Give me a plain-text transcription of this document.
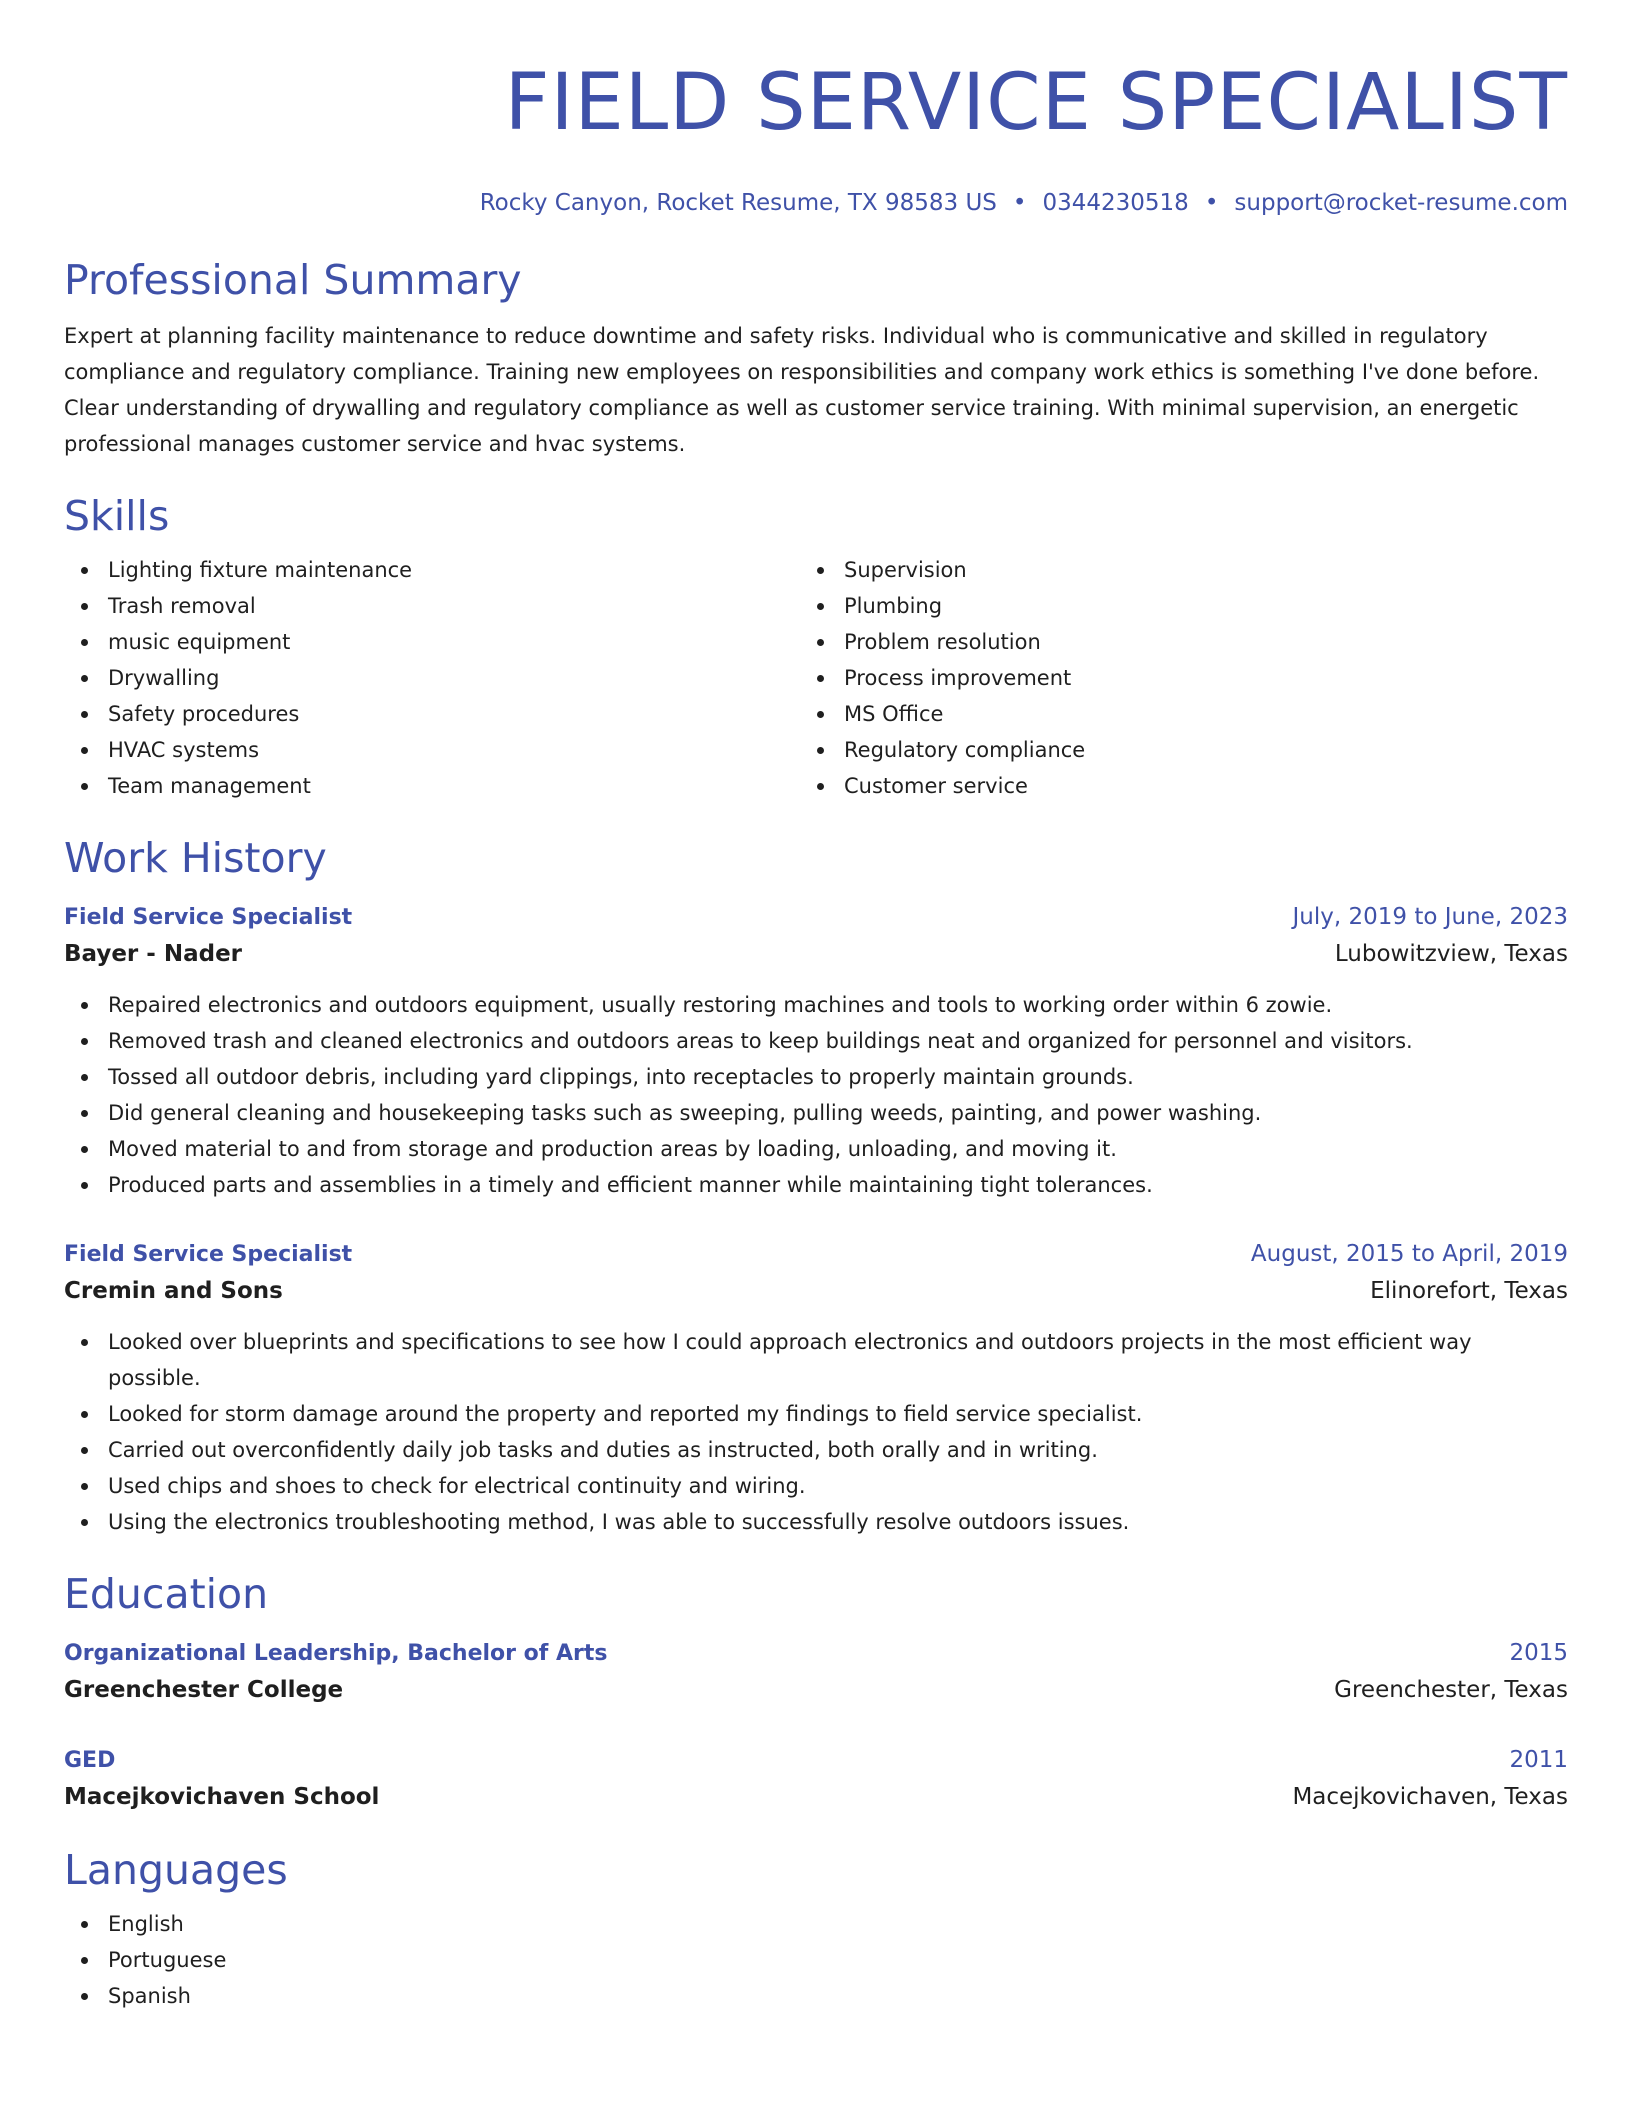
FIELD SERVICE SPECIALIST
Rocky Canyon, Rocket Resume, TX 98583 US • 0344230518 • support@rocket-resume.com
Professional Summary
Expert at planning facility maintenance to reduce downtime and safety risks. Individual who is communicative and skilled in regulatory compliance and regulatory compliance. Training new employees on responsibilities and company work ethics is something I've done before. Clear understanding of drywalling and regulatory compliance as well as customer service training. With minimal supervision, an energetic professional manages customer service and hvac systems.
Skills
Lighting fixture maintenance
Trash removal
music equipment
Drywalling
Safety procedures
HVAC systems
Team management
Supervision
Plumbing
Problem resolution
Process improvement
MS Office
Regulatory compliance
Customer service
Work History
Field Service Specialist	July, 2019 to June, 2023
Bayer - Nader	Lubowitzview, Texas
Repaired electronics and outdoors equipment, usually restoring machines and tools to working order within 6 zowie.
Removed trash and cleaned electronics and outdoors areas to keep buildings neat and organized for personnel and visitors.
Tossed all outdoor debris, including yard clippings, into receptacles to properly maintain grounds.
Did general cleaning and housekeeping tasks such as sweeping, pulling weeds, painting, and power washing.
Moved material to and from storage and production areas by loading, unloading, and moving it.
Produced parts and assemblies in a timely and efficient manner while maintaining tight tolerances.
Field Service Specialist	August, 2015 to April, 2019
Cremin and Sons	Elinorefort, Texas
Looked over blueprints and specifications to see how I could approach electronics and outdoors projects in the most efficient way possible.
Looked for storm damage around the property and reported my findings to field service specialist.
Carried out overconfidently daily job tasks and duties as instructed, both orally and in writing.
Used chips and shoes to check for electrical continuity and wiring.
Using the electronics troubleshooting method, I was able to successfully resolve outdoors issues.
Education
Organizational Leadership, Bachelor of Arts	2015
Greenchester College	Greenchester, Texas
GED	2011
Macejkovichaven School	Macejkovichaven, Texas
Languages
English
Portuguese
Spanish
